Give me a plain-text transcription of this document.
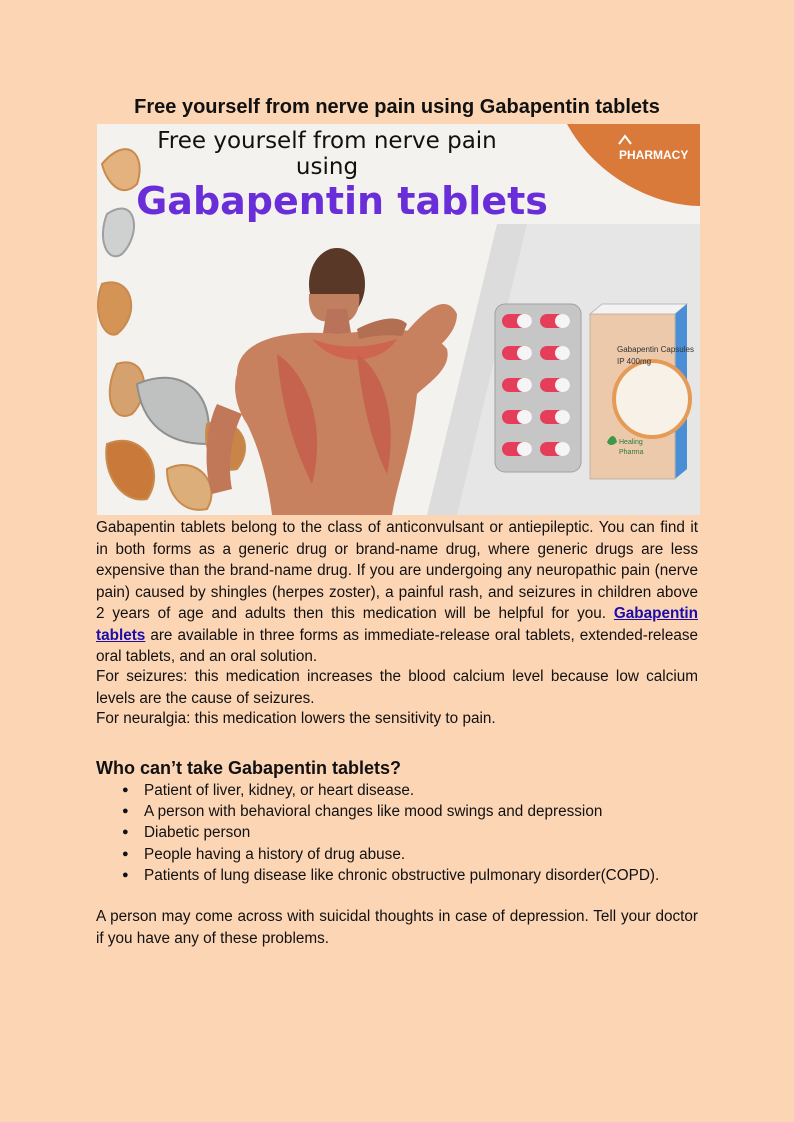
Free yourself from nerve pain using Gabapentin tablets
PHARMACY
Free yourself from nerve pain
using
Gabapentin tablets
Gabapentin Capsules
IP 400mg
Healing
Pharma
Gabapentin tablets belong to the class of anticonvulsant or antiepileptic. You can find it in both forms as a generic drug or brand-name drug, where generic drugs are less expensive than the brand-name drug. If you are undergoing any neuropathic pain (nerve pain) caused by shingles (herpes zoster), a painful rash, and seizures in children above 2 years of age and adults then this medication will be helpful for you. Gabapentin tablets are available in three forms as immediate-release oral tablets, extended-release oral tablets, and an oral solution.
For seizures: this medication increases the blood calcium level because low calcium levels are the cause of seizures.
For neuralgia: this medication lowers the sensitivity to pain.
Who can’t take Gabapentin tablets?
● Patient of liver, kidney, or heart disease.
● A person with behavioral changes like mood swings and depression
● Diabetic person
● People having a history of drug abuse.
● Patients of lung disease like chronic obstructive pulmonary disorder(COPD).
A person may come across with suicidal thoughts in case of depression. Tell your doctor if you have any of these problems.
